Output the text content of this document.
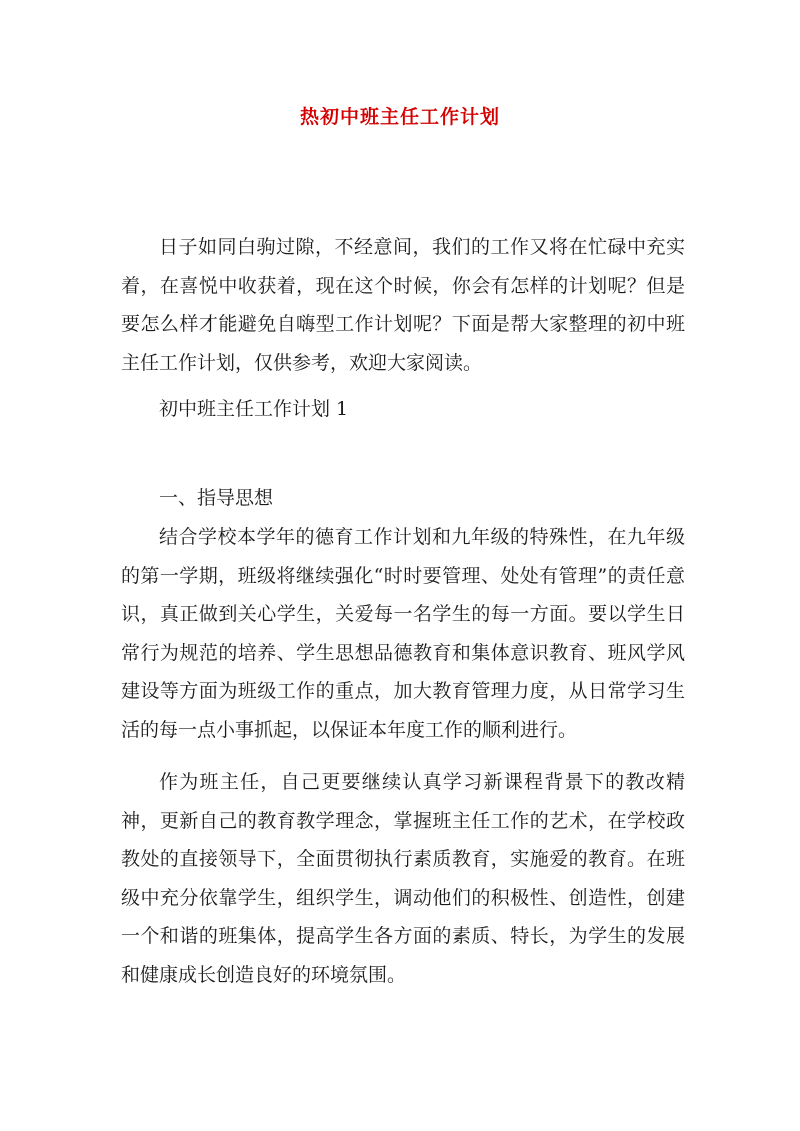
热初中班主任工作计划

日子如同白驹过隙，不经意间，我们的工作又将在忙碌中充实着，在喜悦中收获着，现在这个时候，你会有怎样的计划呢？但是要怎么样才能避免自嗨型工作计划呢？下面是帮大家整理的初中班主任工作计划，仅供参考，欢迎大家阅读。

初中班主任工作计划 1

一、指导思想

结合学校本学年的德育工作计划和九年级的特殊性，在九年级的第一学期，班级将继续强化“时时要管理、处处有管理”的责任意识，真正做到关心学生，关爱每一名学生的每一方面。要以学生日常行为规范的培养、学生思想品德教育和集体意识教育、班风学风建设等方面为班级工作的重点，加大教育管理力度，从日常学习生活的每一点小事抓起，以保证本年度工作的顺利进行。

作为班主任，自己更要继续认真学习新课程背景下的教改精神，更新自己的教育教学理念，掌握班主任工作的艺术，在学校政教处的直接领导下，全面贯彻执行素质教育，实施爱的教育。在班级中充分依靠学生，组织学生，调动他们的积极性、创造性，创建一个和谐的班集体，提高学生各方面的素质、特长，为学生的发展和健康成长创造良好的环境氛围。
